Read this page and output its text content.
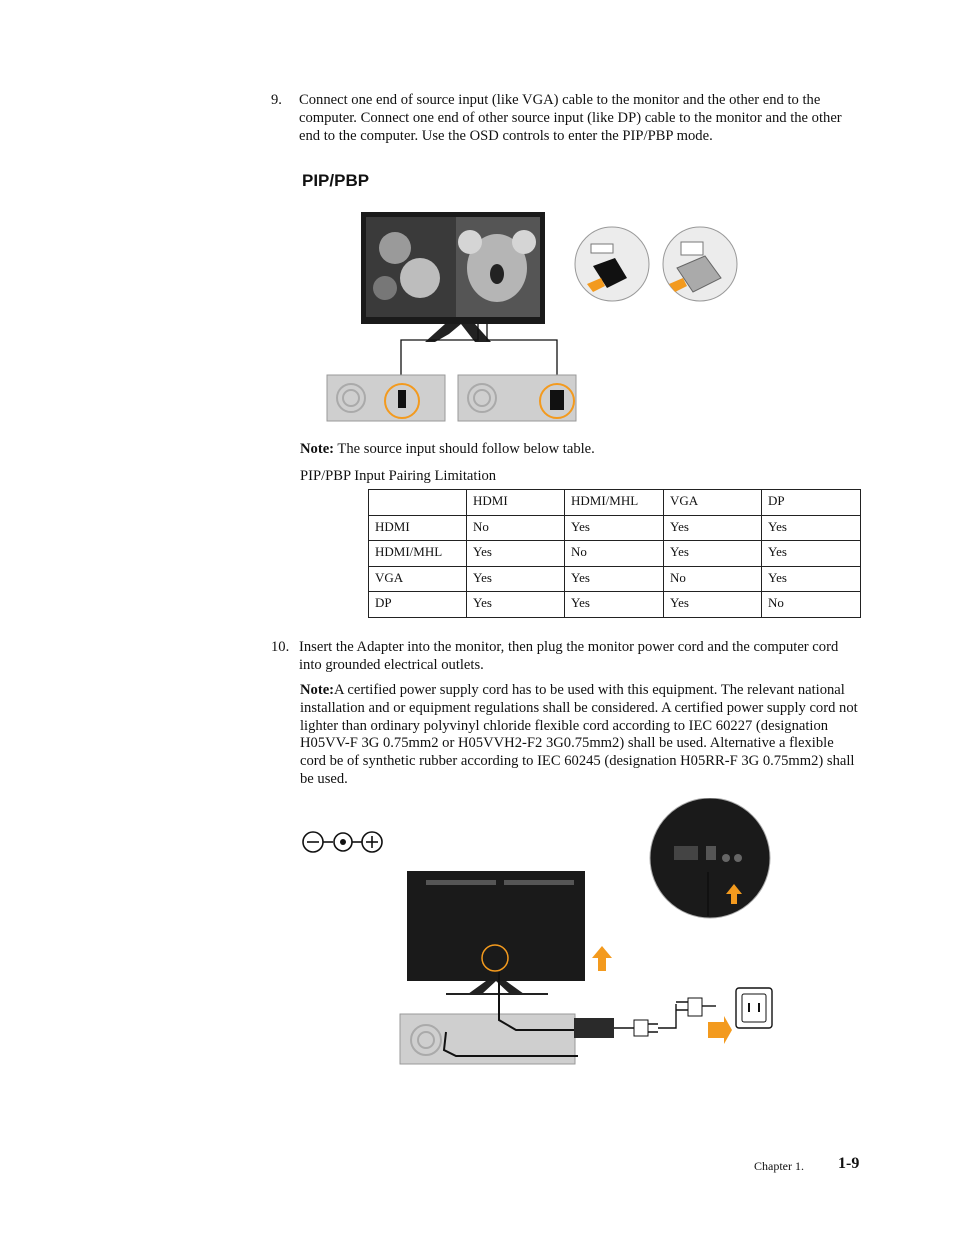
9. Connect one end of source input (like VGA) cable to the monitor and the other end to the computer. Connect one end of other source input (like DP) cable to the monitor and the other end to the computer. Use the OSD controls to enter the PIP/PBP mode.
PIP/PBP
Note: The source input should follow below table.
PIP/PBP Input Pairing Limitation
	HDMI	HDMI/MHL	VGA	DP
HDMI	No	Yes	Yes	Yes
HDMI/MHL	Yes	No	Yes	Yes
VGA	Yes	Yes	No	Yes
DP	Yes	Yes	Yes	No
10. Insert the Adapter into the monitor, then plug the monitor power cord and the computer cord into grounded electrical outlets.
Note:A certified power supply cord has to be used with this equipment. The relevant national installation and or equipment regulations shall be considered. A certified power supply cord not lighter than ordinary polyvinyl chloride flexible cord according to IEC 60227 (designation H05VV-F 3G 0.75mm2 or H05VVH2-F2 3G0.75mm2) shall be used. Alternative a flexible cord be of synthetic rubber according to IEC 60245 (designation H05RR-F 3G 0.75mm2) shall be used.
Chapter 1. 1-9
